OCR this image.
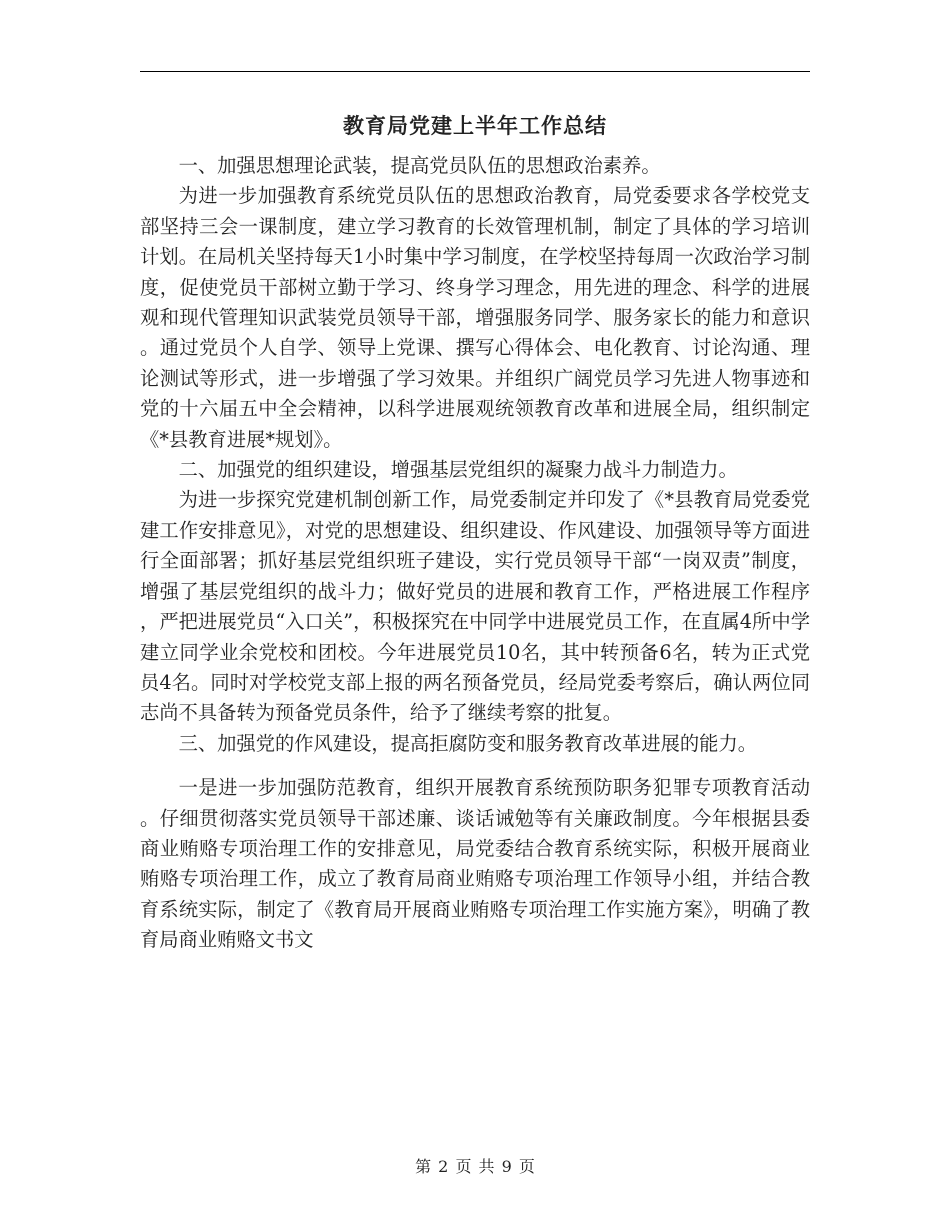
教育局党建上半年工作总结

一、加强思想理论武装，提高党员队伍的思想政治素养。

为进一步加强教育系统党员队伍的思想政治教育，局党委要求各学校党支部坚持三会一课制度，建立学习教育的长效管理机制，制定了具体的学习培训计划。在局机关坚持每天1小时集中学习制度，在学校坚持每周一次政治学习制度，促使党员干部树立勤于学习、终身学习理念，用先进的理念、科学的进展观和现代管理知识武装党员领导干部，增强服务同学、服务家长的能力和意识。通过党员个人自学、领导上党课、撰写心得体会、电化教育、讨论沟通、理论测试等形式，进一步增强了学习效果。并组织广阔党员学习先进人物事迹和党的十六届五中全会精神，以科学进展观统领教育改革和进展全局，组织制定《*县教育进展*规划》。

二、加强党的组织建设，增强基层党组织的凝聚力战斗力制造力。

为进一步探究党建机制创新工作，局党委制定并印发了《*县教育局党委党建工作安排意见》，对党的思想建设、组织建设、作风建设、加强领导等方面进行全面部署；抓好基层党组织班子建设，实行党员领导干部“一岗双责”制度，增强了基层党组织的战斗力；做好党员的进展和教育工作，严格进展工作程序，严把进展党员“入口关”，积极探究在中同学中进展党员工作，在直属4所中学建立同学业余党校和团校。今年进展党员10名，其中转预备6名，转为正式党员4名。同时对学校党支部上报的两名预备党员，经局党委考察后，确认两位同志尚不具备转为预备党员条件，给予了继续考察的批复。

三、加强党的作风建设，提高拒腐防变和服务教育改革进展的能力。

一是进一步加强防范教育，组织开展教育系统预防职务犯罪专项教育活动。仔细贯彻落实党员领导干部述廉、谈话诫勉等有关廉政制度。今年根据县委商业贿赂专项治理工作的安排意见，局党委结合教育系统实际，积极开展商业贿赂专项治理工作，成立了教育局商业贿赂专项治理工作领导小组，并结合教育系统实际，制定了《教育局开展商业贿赂专项治理工作实施方案》，明确了教育局商业贿赂文书文

第 2 页 共 9 页
